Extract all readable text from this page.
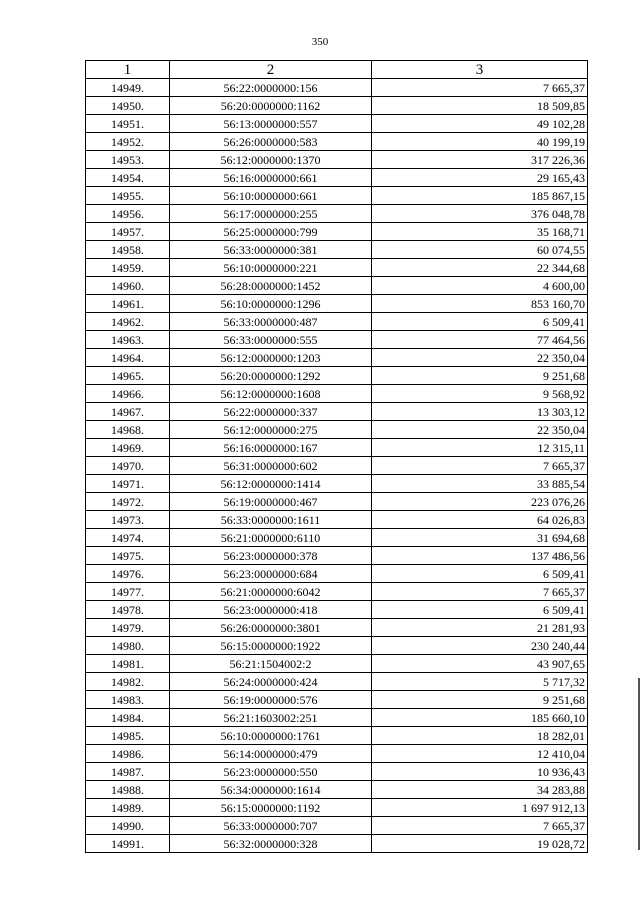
350
1	2	3
14949.	56:22:0000000:156	7 665,37
14950.	56:20:0000000:1162	18 509,85
14951.	56:13:0000000:557	49 102,28
14952.	56:26:0000000:583	40 199,19
14953.	56:12:0000000:1370	317 226,36
14954.	56:16:0000000:661	29 165,43
14955.	56:10:0000000:661	185 867,15
14956.	56:17:0000000:255	376 048,78
14957.	56:25:0000000:799	35 168,71
14958.	56:33:0000000:381	60 074,55
14959.	56:10:0000000:221	22 344,68
14960.	56:28:0000000:1452	4 600,00
14961.	56:10:0000000:1296	853 160,70
14962.	56:33:0000000:487	6 509,41
14963.	56:33:0000000:555	77 464,56
14964.	56:12:0000000:1203	22 350,04
14965.	56:20:0000000:1292	9 251,68
14966.	56:12:0000000:1608	9 568,92
14967.	56:22:0000000:337	13 303,12
14968.	56:12:0000000:275	22 350,04
14969.	56:16:0000000:167	12 315,11
14970.	56:31:0000000:602	7 665,37
14971.	56:12:0000000:1414	33 885,54
14972.	56:19:0000000:467	223 076,26
14973.	56:33:0000000:1611	64 026,83
14974.	56:21:0000000:6110	31 694,68
14975.	56:23:0000000:378	137 486,56
14976.	56:23:0000000:684	6 509,41
14977.	56:21:0000000:6042	7 665,37
14978.	56:23:0000000:418	6 509,41
14979.	56:26:0000000:3801	21 281,93
14980.	56:15:0000000:1922	230 240,44
14981.	56:21:1504002:2	43 907,65
14982.	56:24:0000000:424	5 717,32
14983.	56:19:0000000:576	9 251,68
14984.	56:21:1603002:251	185 660,10
14985.	56:10:0000000:1761	18 282,01
14986.	56:14:0000000:479	12 410,04
14987.	56:23:0000000:550	10 936,43
14988.	56:34:0000000:1614	34 283,88
14989.	56:15:0000000:1192	1 697 912,13
14990.	56:33:0000000:707	7 665,37
14991.	56:32:0000000:328	19 028,72
